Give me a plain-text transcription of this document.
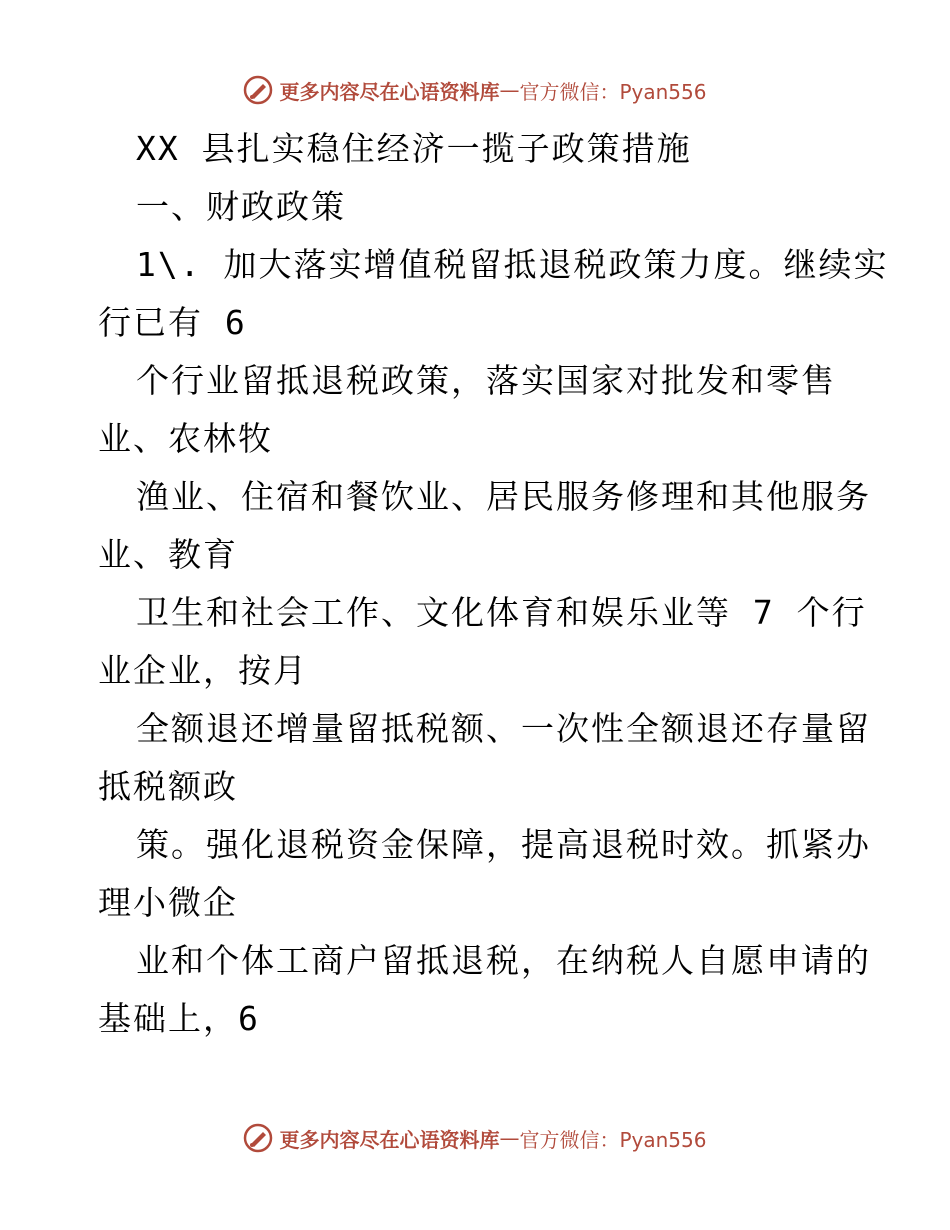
更多内容尽在心语资料库 — 官方微信：Pyan556
XX 县扎实稳住经济一揽子政策措施
一、财政政策
1\. 加大落实增值税留抵退税政策力度。继续实
行已有 6
个行业留抵退税政策，落实国家对批发和零售
业、农林牧
渔业、住宿和餐饮业、居民服务修理和其他服务
业、教育
卫生和社会工作、文化体育和娱乐业等 7 个行
业企业，按月
全额退还增量留抵税额、一次性全额退还存量留
抵税额政
策。强化退税资金保障，提高退税时效。抓紧办
理小微企
业和个体工商户留抵退税，在纳税人自愿申请的
基础上，6
更多内容尽在心语资料库 — 官方微信：Pyan556
